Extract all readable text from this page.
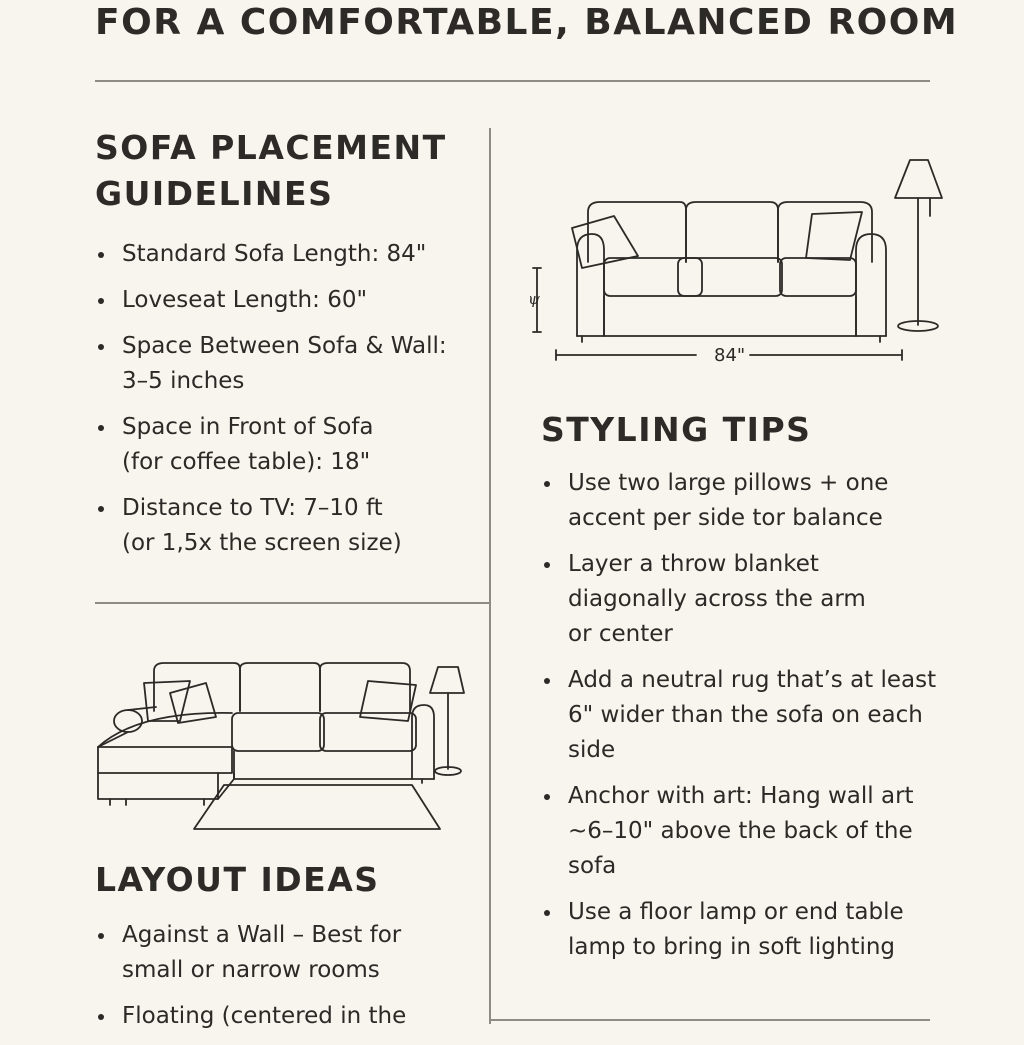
FOR A COMFORTABLE, BALANCED ROOM
SOFA PLACEMENT
GUIDELINES
Standard Sofa Length: 84"
Loveseat Length: 60"
Space Between Sofa & Wall:
3–5 inches
Space in Front of Sofa
(for coffee table): 18"
Distance to TV: 7–10 ft
(or 1,5x the screen size)
ψ
84"
STYLING TIPS
Use two large pillows + one
accent per side tor balance
Layer a throw blanket
diagonally across the arm
or center
Add a neutral rug that’s at least
6" wider than the sofa on each
side
Anchor with art: Hang wall art
~6–10" above the back of the
sofa
Use a floor lamp or end table
lamp to bring in soft lighting
LAYOUT IDEAS
Against a Wall – Best for
small or narrow rooms
Floating (centered in the
